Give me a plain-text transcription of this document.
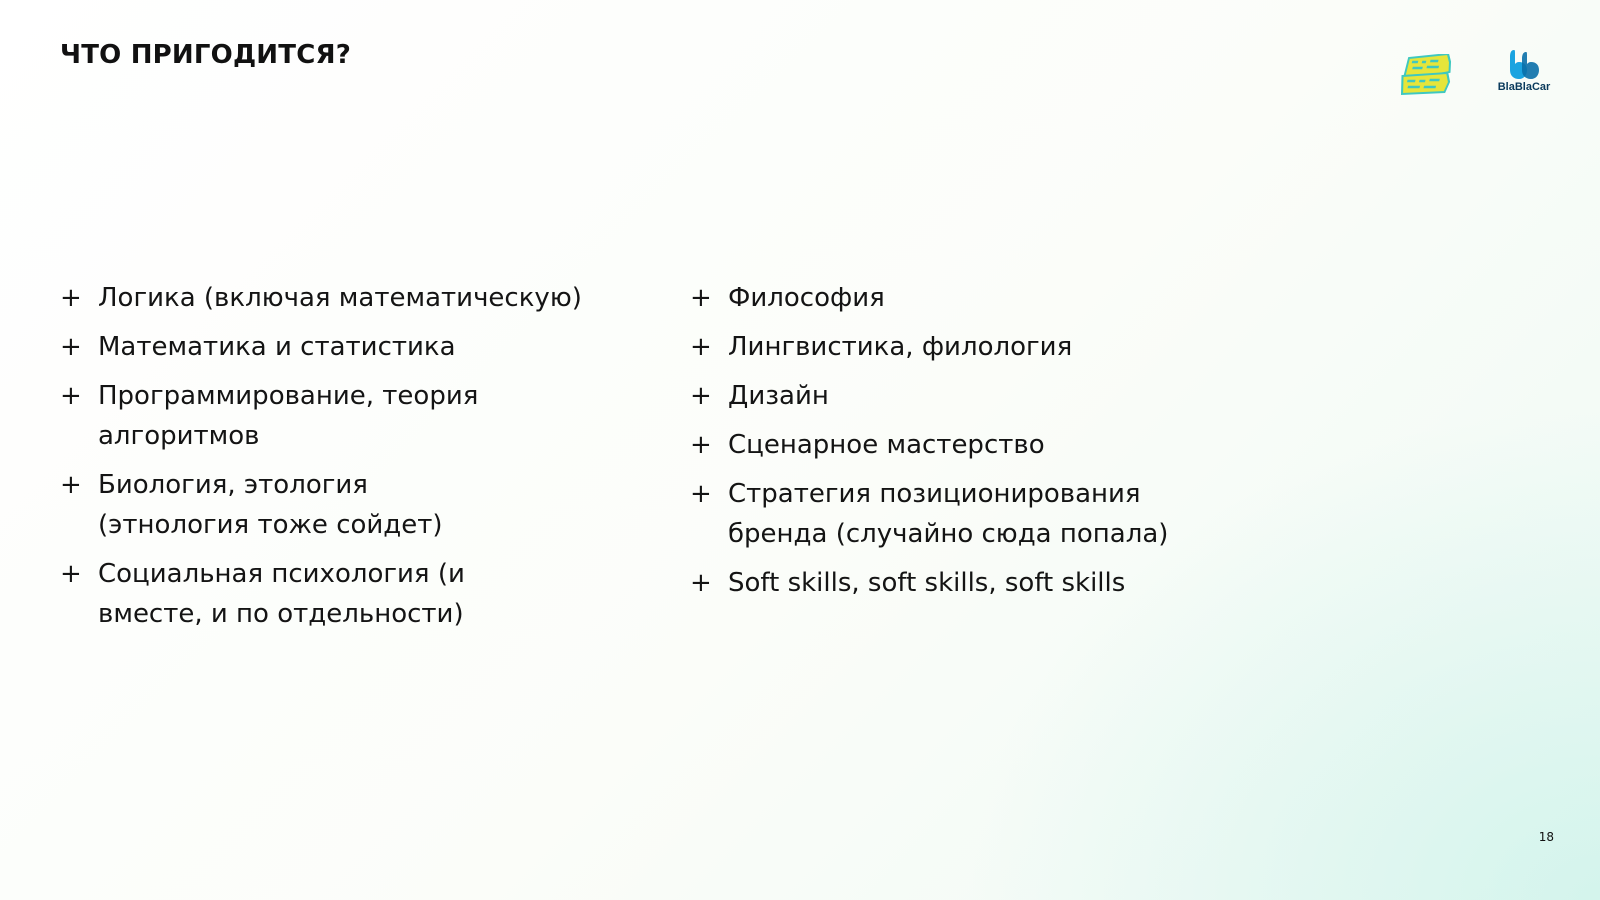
ЧТО ПРИГОДИТСЯ?
BlaBlaCar
+ Логика (включая математическую)
+ Математика и статистика
+ Программирование, теория алгоритмов
+ Биология, этология (этнология тоже сойдет)
+ Социальная психология (и вместе, и по отдельности)
+ Философия
+ Лингвистика, филология
+ Дизайн
+ Сценарное мастерство
+ Стратегия позиционирования бренда (случайно сюда попала)
+ Soft skills, soft skills, soft skills
18
